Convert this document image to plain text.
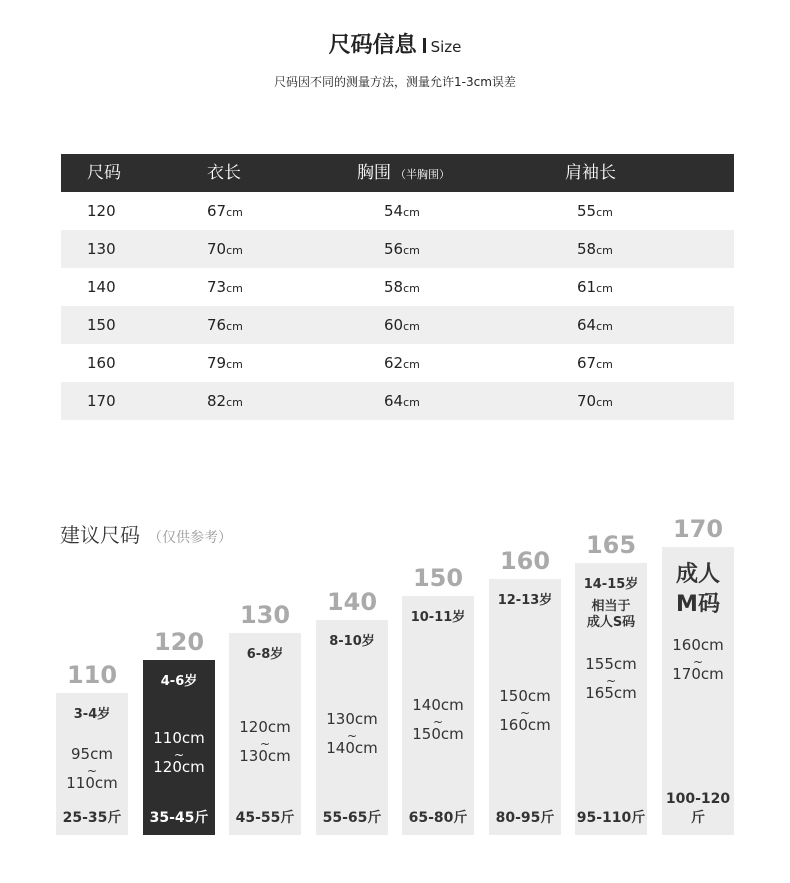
尺码信息 Size
尺码因不同的测量方法，测量允许1-3cm误差
尺码	衣长	胸围 （半胸围）	肩袖长
120	67cm	54cm	55cm
130	70cm	56cm	58cm
140	73cm	58cm	61cm
150	76cm	60cm	64cm
160	79cm	62cm	67cm
170	82cm	64cm	70cm
建议尺码 （仅供参考）
110
3-4岁
95cm
~
110cm
25-35斤
120
4-6岁
110cm
~
120cm
35-45斤
130
6-8岁
120cm
~
130cm
45-55斤
140
8-10岁
130cm
~
140cm
55-65斤
150
10-11岁
140cm
~
150cm
65-80斤
160
12-13岁
150cm
~
160cm
80-95斤
165
14-15岁
相当于
成人S码
155cm
~
165cm
95-110斤
170
成人
M码
160cm
~
170cm
100-120斤
